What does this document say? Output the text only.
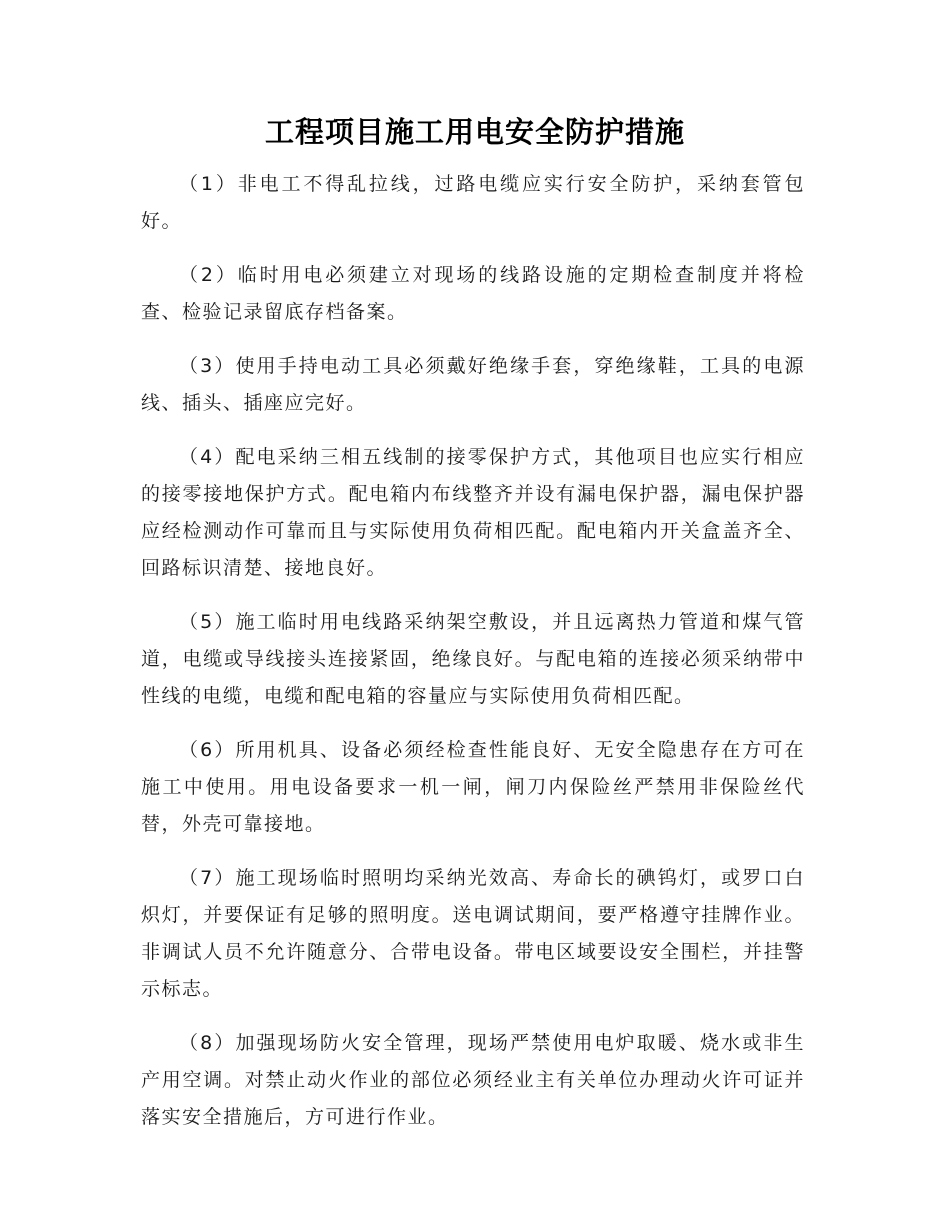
工程项目施工用电安全防护措施

（1）非电工不得乱拉线，过路电缆应实行安全防护，采纳套管包好。

（2）临时用电必须建立对现场的线路设施的定期检查制度并将检查、检验记录留底存档备案。

（3）使用手持电动工具必须戴好绝缘手套，穿绝缘鞋，工具的电源线、插头、插座应完好。

（4）配电采纳三相五线制的接零保护方式，其他项目也应实行相应的接零接地保护方式。配电箱内布线整齐并设有漏电保护器，漏电保护器应经检测动作可靠而且与实际使用负荷相匹配。配电箱内开关盒盖齐全、回路标识清楚、接地良好。

（5）施工临时用电线路采纳架空敷设，并且远离热力管道和煤气管道，电缆或导线接头连接紧固，绝缘良好。与配电箱的连接必须采纳带中性线的电缆，电缆和配电箱的容量应与实际使用负荷相匹配。

（6）所用机具、设备必须经检查性能良好、无安全隐患存在方可在施工中使用。用电设备要求一机一闸，闸刀内保险丝严禁用非保险丝代替，外壳可靠接地。

（7）施工现场临时照明均采纳光效高、寿命长的碘钨灯，或罗口白炽灯，并要保证有足够的照明度。送电调试期间，要严格遵守挂牌作业。非调试人员不允许随意分、合带电设备。带电区域要设安全围栏，并挂警示标志。

（8）加强现场防火安全管理，现场严禁使用电炉取暖、烧水或非生产用空调。对禁止动火作业的部位必须经业主有关单位办理动火许可证并落实安全措施后，方可进行作业。
